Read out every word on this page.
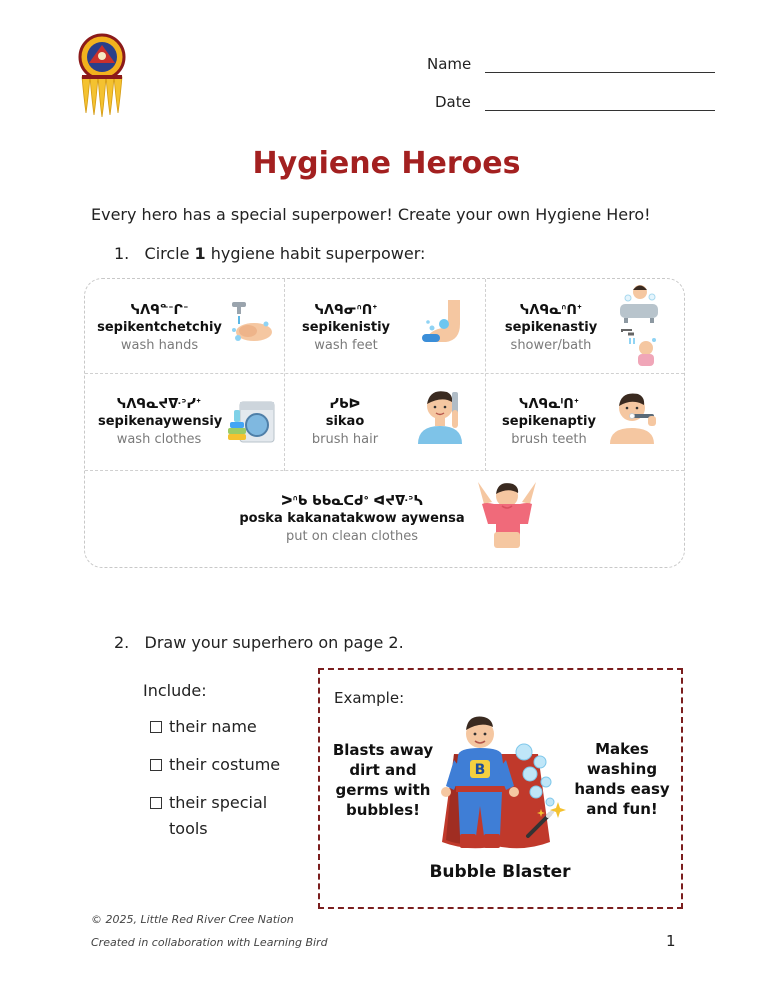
Name
Date
Hygiene Heroes
Every hero has a special superpower! Create your own Hygiene Hero!
1. Circle 1 hygiene habit superpower:
ᓭᐱᑫᓐᐨᒋᐨ
sepikentchetchiy
wash hands
ᓭᐱᑫᓂᐢᑎᐩ
sepikenistiy
wash feet
ᓭᐱᑫᓇᐢᑎᐩ
sepikenastiy
shower/bath
ᓭᐱᑫᓇᔪᐍᐣᓯᐩ
sepikenaywensiy
wash clothes
ᓯᑲᐅ
sikao
brush hair
ᓭᐱᑫᓇᑊᑎᐩ
sepikenaptiy
brush teeth
ᐳᐢᑲ ᑲᑲᓇᑕᑯᐤ ᐊᔪᐍᐣᓴ
poska kakanatakwow aywensa
put on clean clothes
2. Draw your superhero on page 2.
Include:
their name
their costume
their special
tools
Example:
Blasts away
dirt and
germs with
bubbles!
Makes
washing
hands easy
and fun!
B
Bubble Blaster
© 2025, Little Red River Cree Nation
Created in collaboration with Learning Bird	1
